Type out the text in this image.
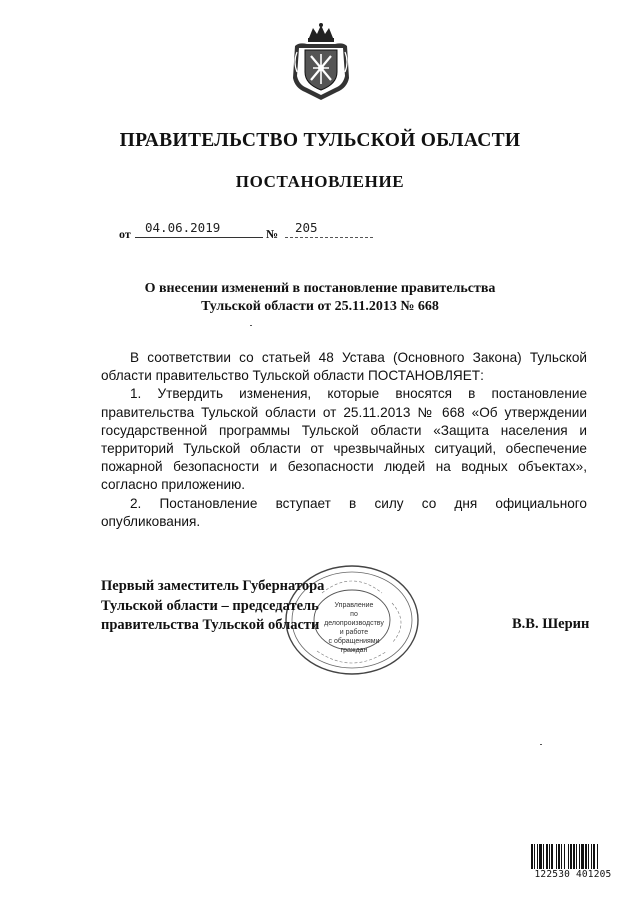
ПРАВИТЕЛЬСТВО ТУЛЬСКОЙ ОБЛАСТИ
ПОСТАНОВЛЕНИЕ
от 04.06.2019	№ 205
О внесении изменений в постановление правительства
Тульской области от 25.11.2013 № 668

В соответствии со статьей 48 Устава (Основного Закона) Тульской области правительство Тульской области ПОСТАНОВЛЯЕТ:

1. Утвердить изменения, которые вносятся в постановление правительства Тульской области от 25.11.2013 № 668 «Об утверждении государственной программы Тульской области «Защита населения и территорий Тульской области от чрезвычайных ситуаций, обеспечение пожарной безопасности и безопасности людей на водных объектах», согласно приложению.

2. Постановление вступает в силу со дня официального опубликования.

Управление
по делопроизводству
и работе
с обращениями
граждан
Первый заместитель Губернатора
Тульской области – председатель
правительства Тульской области	В.В. Шерин
122530 401205
